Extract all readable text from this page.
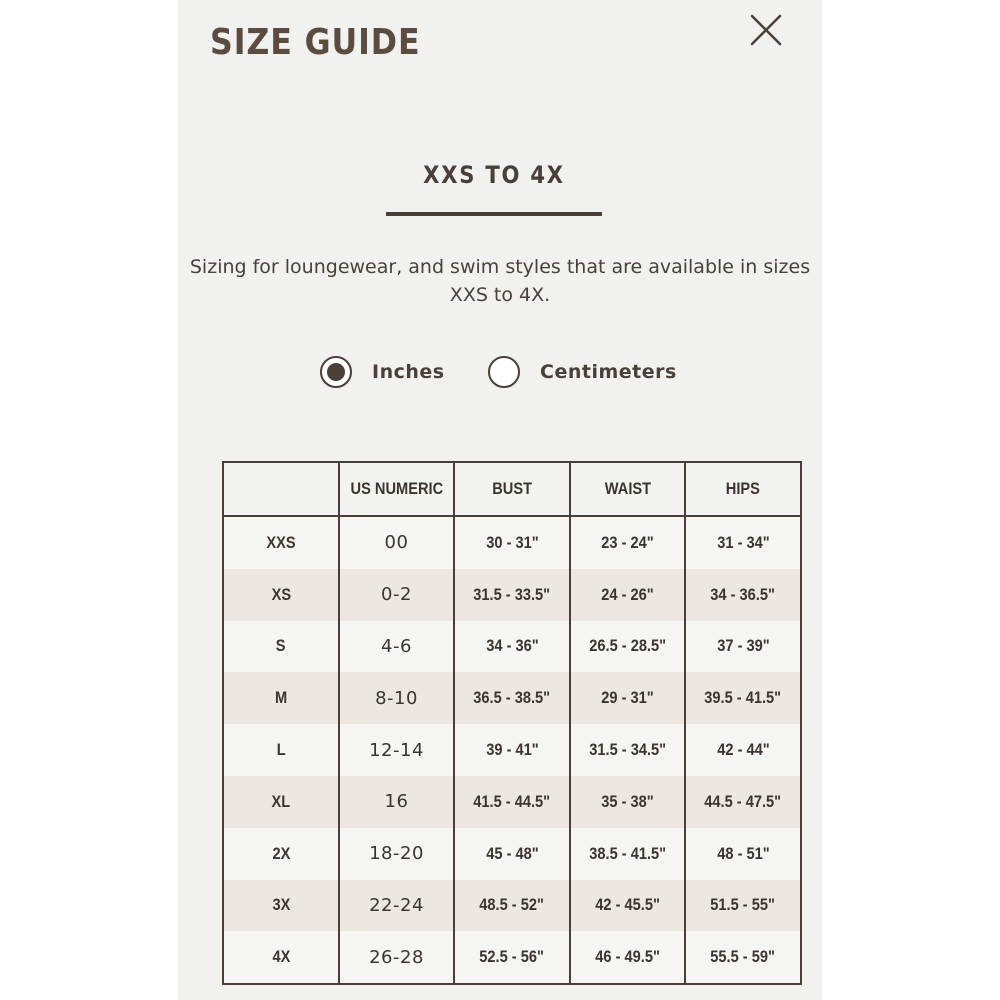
SIZE GUIDE
XXS TO 4X
Sizing for loungewear, and swim styles that are available in sizes XXS to 4X.
Inches	Centimeters
	US NUMERIC	BUST	WAIST	HIPS
XXS	00	30 - 31"	23 - 24"	31 - 34"
XS	0-2	31.5 - 33.5"	24 - 26"	34 - 36.5"
S	4-6	34 - 36"	26.5 - 28.5"	37 - 39"
M	8-10	36.5 - 38.5"	29 - 31"	39.5 - 41.5"
L	12-14	39 - 41"	31.5 - 34.5"	42 - 44"
XL	16	41.5 - 44.5"	35 - 38"	44.5 - 47.5"
2X	18-20	45 - 48"	38.5 - 41.5"	48 - 51"
3X	22-24	48.5 - 52"	42 - 45.5"	51.5 - 55"
4X	26-28	52.5 - 56"	46 - 49.5"	55.5 - 59"
